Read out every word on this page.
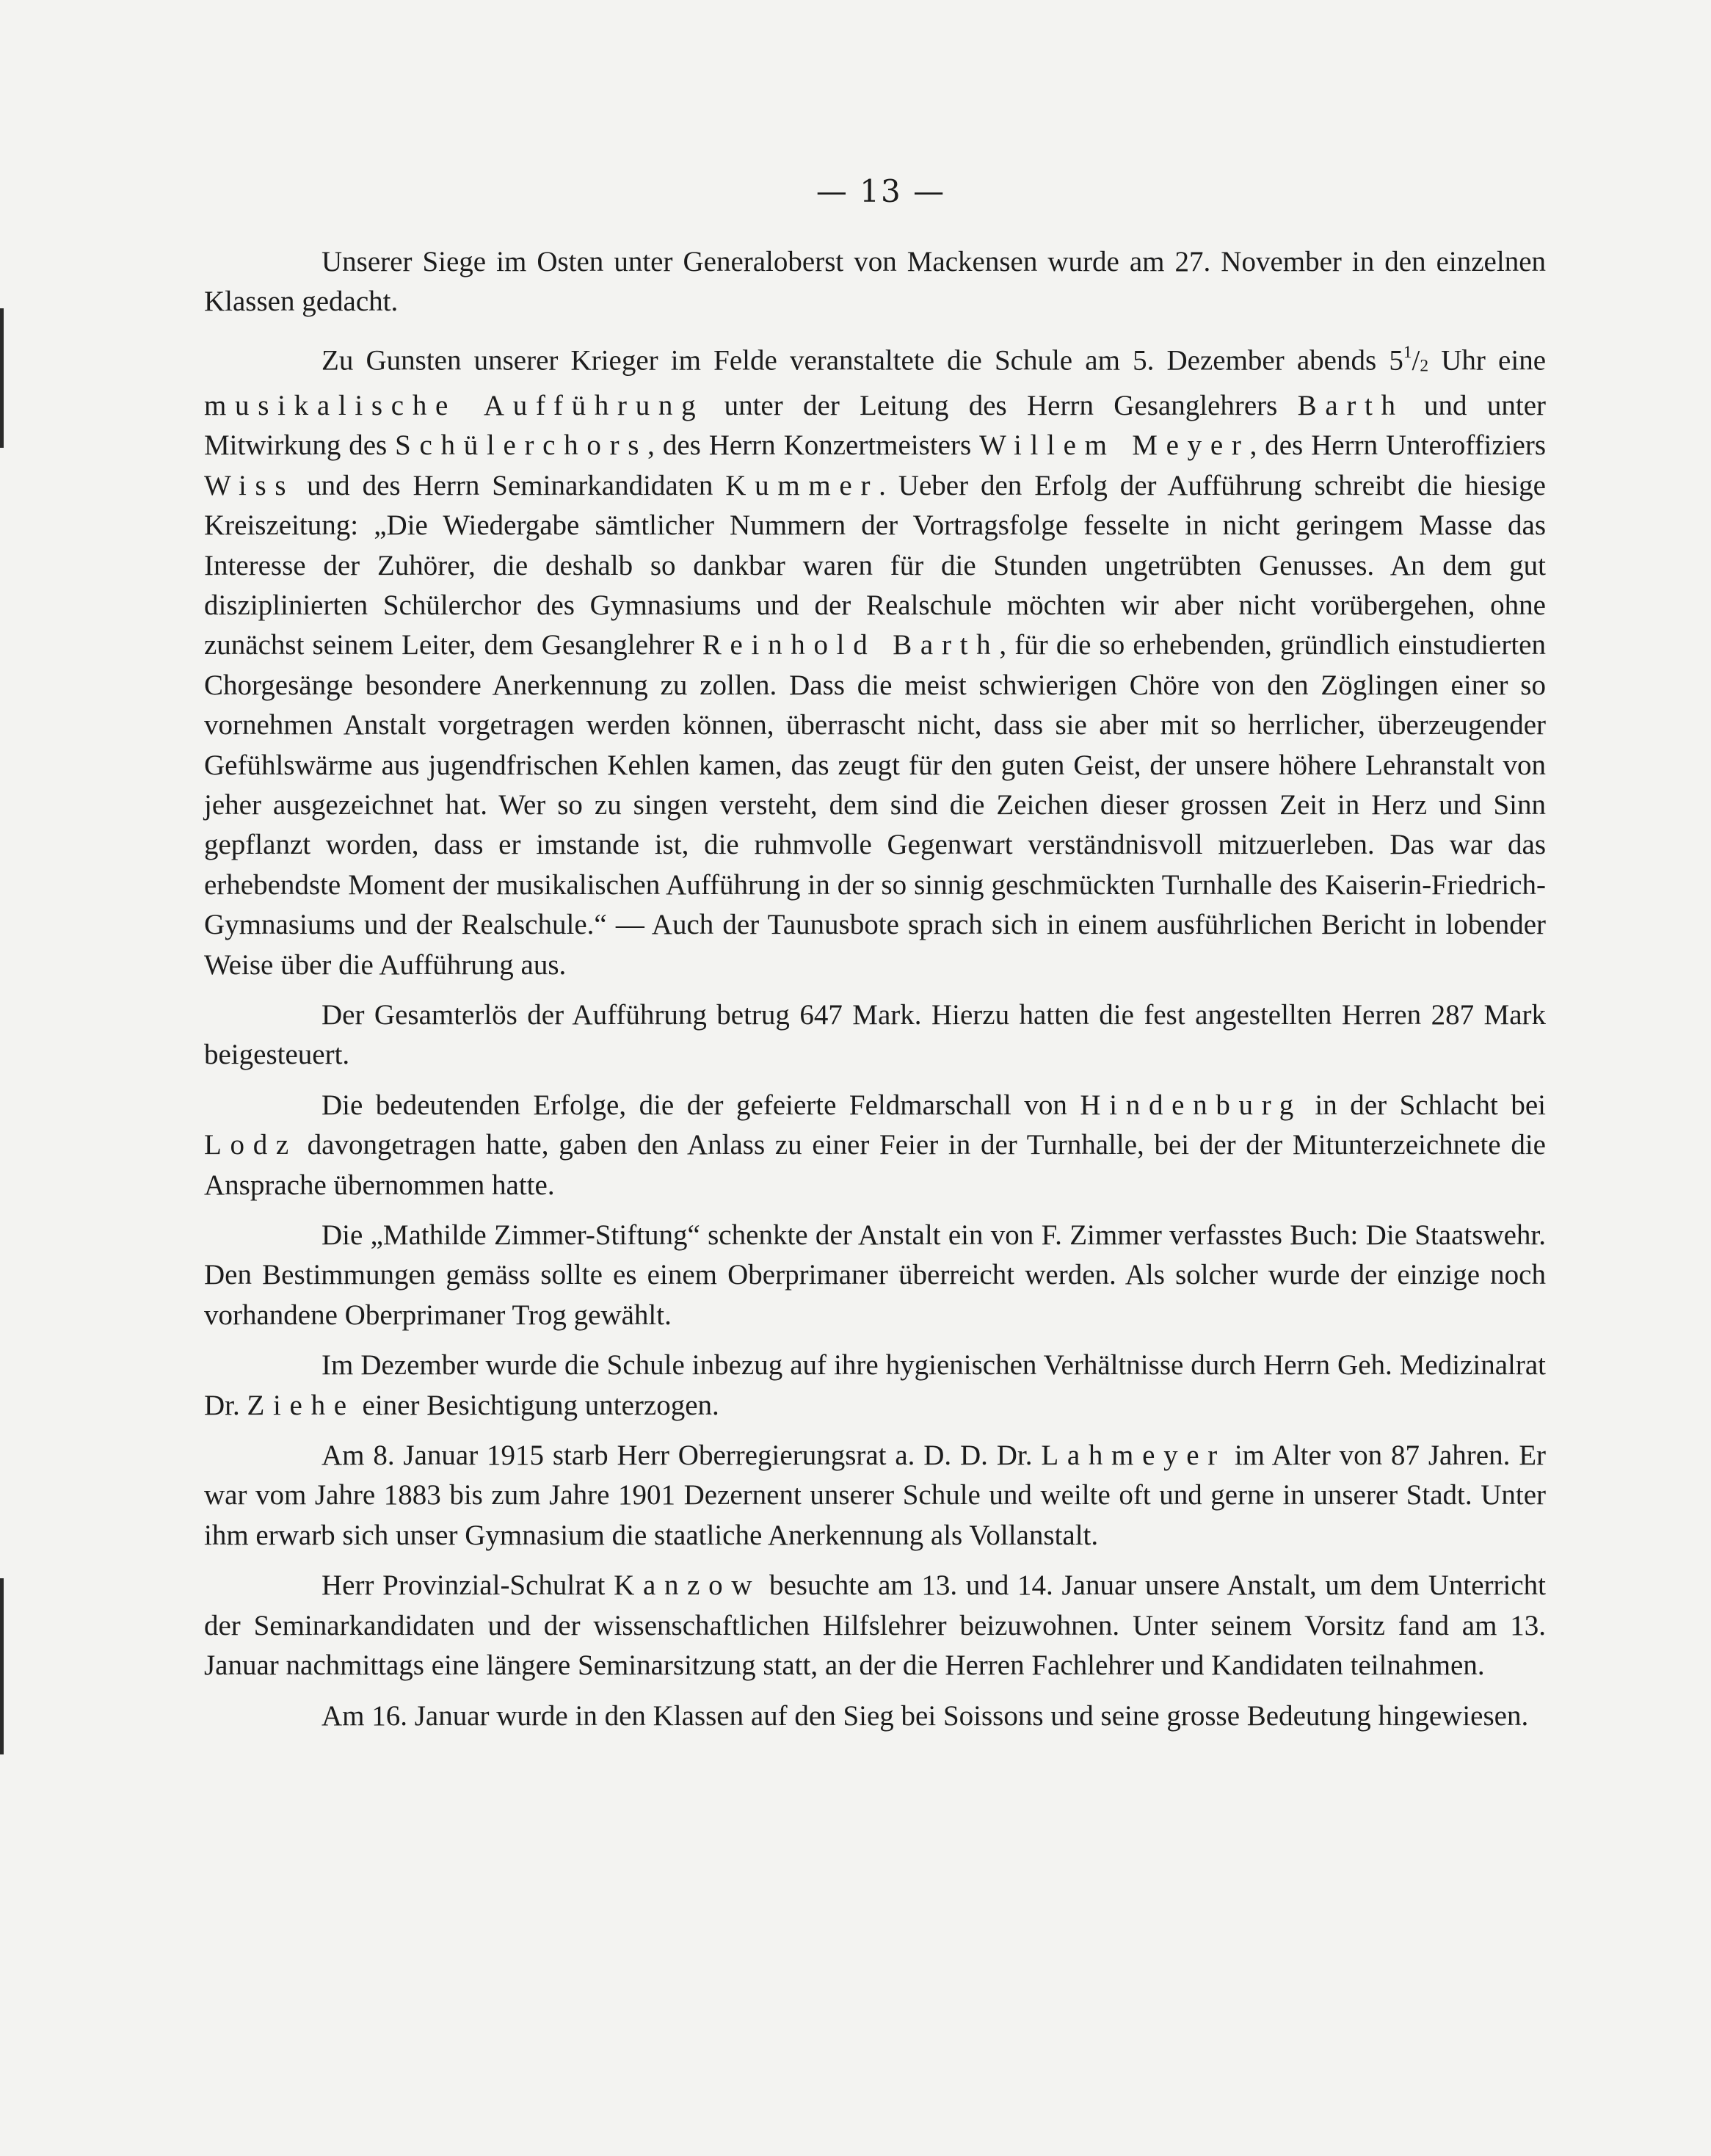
— 13 —

Unserer Siege im Osten unter Generaloberst von Mackensen wurde am 27. November in den einzelnen Klassen gedacht.

Zu Gunsten unserer Krieger im Felde veranstaltete die Schule am 5. Dezember abends $5^1/2$ Uhr eine musikalische Aufführung unter der Leitung des Herrn Gesanglehrers Barth und unter Mitwirkung des Schülerchors, des Herrn Konzertmeisters Willem Meyer, des Herrn Unteroffiziers Wiss und des Herrn Seminarkandidaten Kummer. Ueber den Erfolg der Aufführung schreibt die hiesige Kreiszeitung: „Die Wiedergabe sämtlicher Nummern der Vortragsfolge fesselte in nicht geringem Masse das Interesse der Zuhörer, die deshalb so dankbar waren für die Stunden ungetrübten Genusses. An dem gut disziplinierten Schülerchor des Gymnasiums und der Realschule möchten wir aber nicht vorübergehen, ohne zunächst seinem Leiter, dem Gesanglehrer Reinhold Barth, für die so erhebenden, gründlich einstudierten Chorgesänge besondere Anerkennung zu zollen. Dass die meist schwierigen Chöre von den Zöglingen einer so vornehmen Anstalt vorgetragen werden können, überrascht nicht, dass sie aber mit so herrlicher, überzeugender Gefühlswärme aus jugendfrischen Kehlen kamen, das zeugt für den guten Geist, der unsere höhere Lehranstalt von jeher ausgezeichnet hat. Wer so zu singen versteht, dem sind die Zeichen dieser grossen Zeit in Herz und Sinn gepflanzt worden, dass er imstande ist, die ruhmvolle Gegenwart verständnisvoll mitzuerleben. Das war das erhebendste Moment der musikalischen Aufführung in der so sinnig geschmückten Turnhalle des Kaiserin-Friedrich-Gymnasiums und der Realschule.“ — Auch der Taunusbote sprach sich in einem ausführlichen Bericht in lobender Weise über die Aufführung aus.

Der Gesamterlös der Aufführung betrug 647 Mark. Hierzu hatten die fest angestellten Herren 287 Mark beigesteuert.

Die bedeutenden Erfolge, die der gefeierte Feldmarschall von Hindenburg in der Schlacht bei Lodz davongetragen hatte, gaben den Anlass zu einer Feier in der Turnhalle, bei der der Mitunterzeichnete die Ansprache übernommen hatte.

Die „Mathilde Zimmer-Stiftung“ schenkte der Anstalt ein von F. Zimmer verfasstes Buch: Die Staatswehr. Den Bestimmungen gemäss sollte es einem Oberprimaner überreicht werden. Als solcher wurde der einzige noch vorhandene Oberprimaner Trog gewählt.

Im Dezember wurde die Schule inbezug auf ihre hygienischen Verhältnisse durch Herrn Geh. Medizinalrat Dr. Ziehe einer Besichtigung unterzogen.

Am 8. Januar 1915 starb Herr Oberregierungsrat a. D. D. Dr. Lahmeyer im Alter von 87 Jahren. Er war vom Jahre 1883 bis zum Jahre 1901 Dezernent unserer Schule und weilte oft und gerne in unserer Stadt. Unter ihm erwarb sich unser Gymnasium die staatliche Anerkennung als Vollanstalt.

Herr Provinzial-Schulrat Kanzow besuchte am 13. und 14. Januar unsere Anstalt, um dem Unterricht der Seminarkandidaten und der wissenschaftlichen Hilfslehrer beizuwohnen. Unter seinem Vorsitz fand am 13. Januar nachmittags eine längere Seminarsitzung statt, an der die Herren Fachlehrer und Kandidaten teilnahmen.

Am 16. Januar wurde in den Klassen auf den Sieg bei Soissons und seine grosse Bedeutung hingewiesen.
